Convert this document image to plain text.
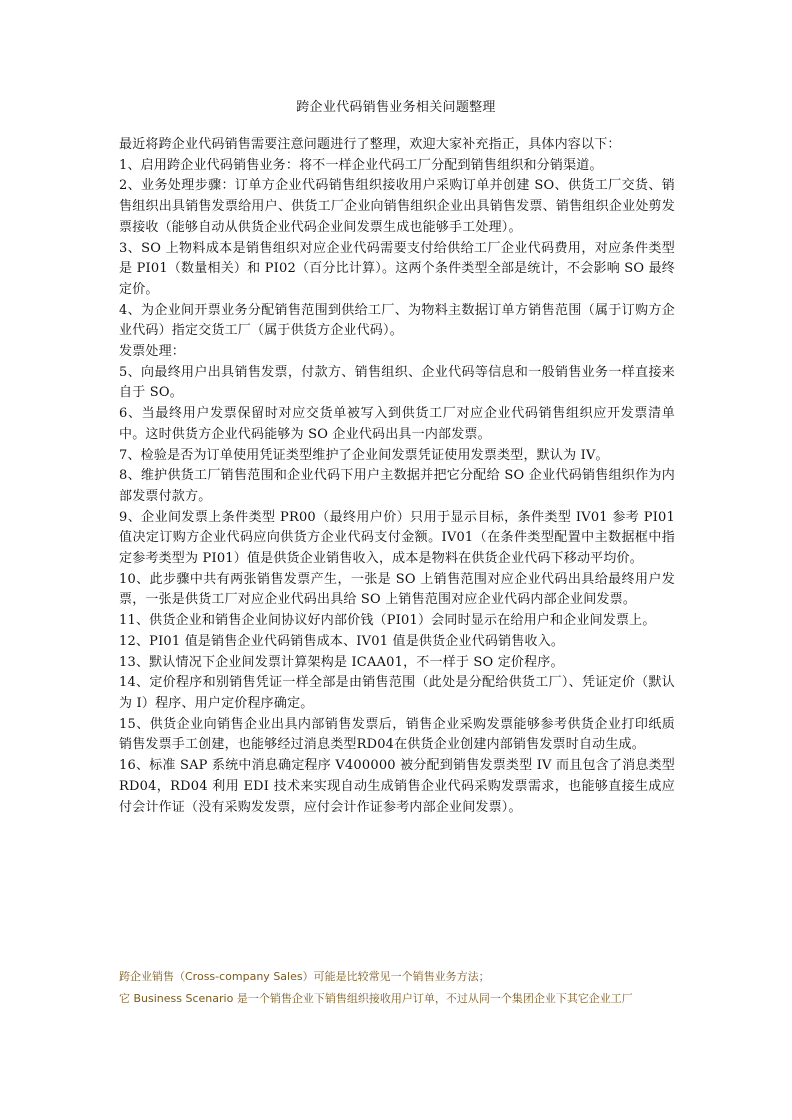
跨企业代码销售业务相关问题整理

最近将跨企业代码销售需要注意问题进行了整理，欢迎大家补充指正，具体内容以下：

1、启用跨企业代码销售业务：将不一样企业代码工厂分配到销售组织和分销渠道。

2、业务处理步骤：订单方企业代码销售组织接收用户采购订单并创建 SO、供货工厂交货、销售组织出具销售发票给用户、供货工厂企业向销售组织企业出具销售发票、销售组织企业处剪发票接收（能够自动从供货企业代码企业间发票生成也能够手工处理）。

3、SO 上物料成本是销售组织对应企业代码需要支付给供给工厂企业代码费用，对应条件类型是 PI01（数量相关）和 PI02（百分比计算）。这两个条件类型全部是统计，不会影响 SO 最终定价。

4、为企业间开票业务分配销售范围到供给工厂、为物料主数据订单方销售范围（属于订购方企业代码）指定交货工厂（属于供货方企业代码）。

发票处理：

5、向最终用户出具销售发票，付款方、销售组织、企业代码等信息和一般销售业务一样直接来自于 SO。

6、当最终用户发票保留时对应交货单被写入到供货工厂对应企业代码销售组织应开发票清单中。这时供货方企业代码能够为 SO 企业代码出具一内部发票。

7、检验是否为订单使用凭证类型维护了企业间发票凭证使用发票类型，默认为 IV。

8、维护供货工厂销售范围和企业代码下用户主数据并把它分配给 SO 企业代码销售组织作为内部发票付款方。

9、企业间发票上条件类型 PR00（最终用户价）只用于显示目标，条件类型 IV01 参考 PI01 值决定订购方企业代码应向供货方企业代码支付金额。IV01（在条件类型配置中主数据框中指定参考类型为 PI01）值是供货企业销售收入，成本是物料在供货企业代码下移动平均价。

10、此步骤中共有两张销售发票产生，一张是 SO 上销售范围对应企业代码出具给最终用户发票，一张是供货工厂对应企业代码出具给 SO 上销售范围对应企业代码内部企业间发票。

11、供货企业和销售企业间协议好内部价钱（PI01）会同时显示在给用户和企业间发票上。

12、PI01 值是销售企业代码销售成本、IV01 值是供货企业代码销售收入。

13、默认情况下企业间发票计算架构是 ICAA01，不一样于 SO 定价程序。

14、定价程序和别销售凭证一样全部是由销售范围（此处是分配给供货工厂）、凭证定价（默认为 I）程序、用户定价程序确定。

15、供货企业向销售企业出具内部销售发票后，销售企业采购发票能够参考供货企业打印纸质销售发票手工创建，也能够经过消息类型RD04在供货企业创建内部销售发票时自动生成。

16、标准 SAP 系统中消息确定程序 V400000 被分配到销售发票类型 IV 而且包含了消息类型 RD04，RD04 利用 EDI 技术来实现自动生成销售企业代码采购发票需求，也能够直接生成应付会计作证（没有采购发发票，应付会计作证参考内部企业间发票）。

跨企业销售（Cross-company Sales）可能是比较常见一个销售业务方法；

它 Business Scenario 是一个销售企业下销售组织接收用户订单，不过从同一个集团企业下其它企业工厂
